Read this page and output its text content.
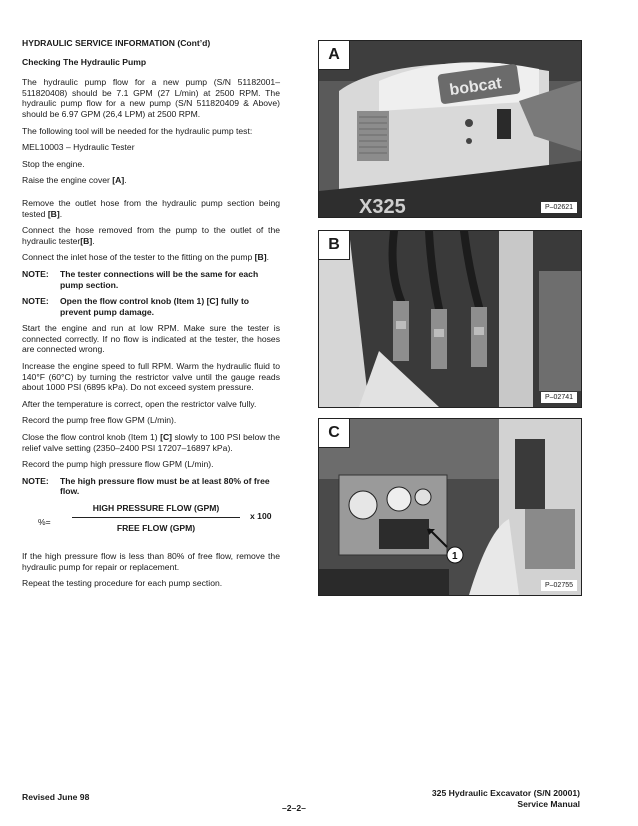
HYDRAULIC SERVICE INFORMATION (Cont’d)
Checking The Hydraulic Pump

The hydraulic pump flow for a new pump (S/N 51182001–511820408) should be 7.1 GPM (27 L/min) at 2500 RPM. The hydraulic pump flow for a new pump (S/N 511820409 & Above) should be 6.97 GPM (26,4 LPM) at 2500 RPM.

The following tool will be needed for the hydraulic pump test:

MEL10003 – Hydraulic Tester

Stop the engine.

Raise the engine cover [A].

Remove the outlet hose from the hydraulic pump section being tested [B].

Connect the hose removed from the pump to the outlet of the hydraulic tester[B].

Connect the inlet hose of the tester to the fitting on the pump [B].

NOTE:	The tester connections will be the same for each pump section.
NOTE:	Open the flow control knob (Item 1) [C] fully to prevent pump damage.

Start the engine and run at low RPM. Make sure the tester is connected correctly. If no flow is indicated at the tester, the hoses are connected wrong.

Increase the engine speed to full RPM. Warm the hydraulic fluid to 140°F (60°C) by turning the restrictor valve until the gauge reads about 1000 PSI (6895 kPa). Do not exceed system pressure.

After the temperature is correct, open the restrictor valve fully.

Record the pump free flow GPM (L/min).

Close the flow control knob (Item 1) [C] slowly to 100 PSI below the relief valve setting (2350–2400 PSI 17207–16897 kPa).

Record the pump high pressure flow GPM (L/min).

NOTE:	The high pressure flow must be at least 80% of free flow.
%=
HIGH PRESSURE FLOW (GPM)
FREE FLOW (GPM)
x 100

If the high pressure flow is less than 80% of free flow, remove the hydraulic pump for repair or replacement.

Repeat the testing procedure for each pump section.

bobcat
X325
A
P–02621
B
P–02741
1
C
P–02755
Revised June 98
–2–2–
325 Hydraulic Excavator (S/N 20001)
Service Manual
